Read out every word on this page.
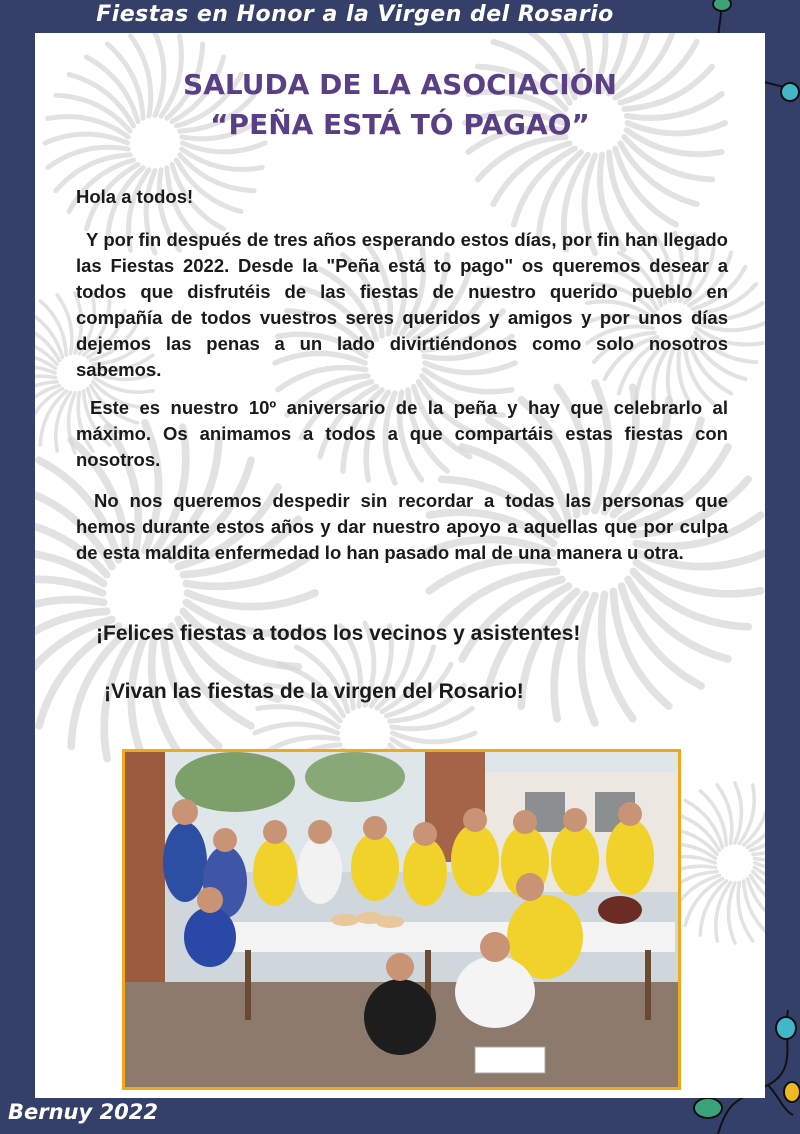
Fiestas en Honor a la Virgen del Rosario
SALUDA DE LA ASOCIACIÓN
“PEÑA ESTÁ TÓ PAGAO”
Hola a todos!

Y por fin después de tres años esperando estos días, por fin han llegado las Fiestas 2022. Desde la "Peña está to pago" os queremos desear a todos que disfrutéis de las fiestas de nuestro querido pueblo en compañía de todos vuestros seres queridos y amigos y por unos días dejemos las penas a un lado divirtiéndonos como solo nosotros sabemos.

Este es nuestro 10º aniversario de la peña y hay que celebrarlo al máximo. Os animamos a todos a que compartáis estas fiestas con nosotros.

No nos queremos despedir sin recordar a todas las personas que hemos durante estos años y dar nuestro apoyo a aquellas que por culpa de esta maldita enfermedad lo han pasado mal de una manera u otra.

¡Felices fiestas a todos los vecinos y asistentes!
¡Vivan las fiestas de la virgen del Rosario!
Bernuy 2022
